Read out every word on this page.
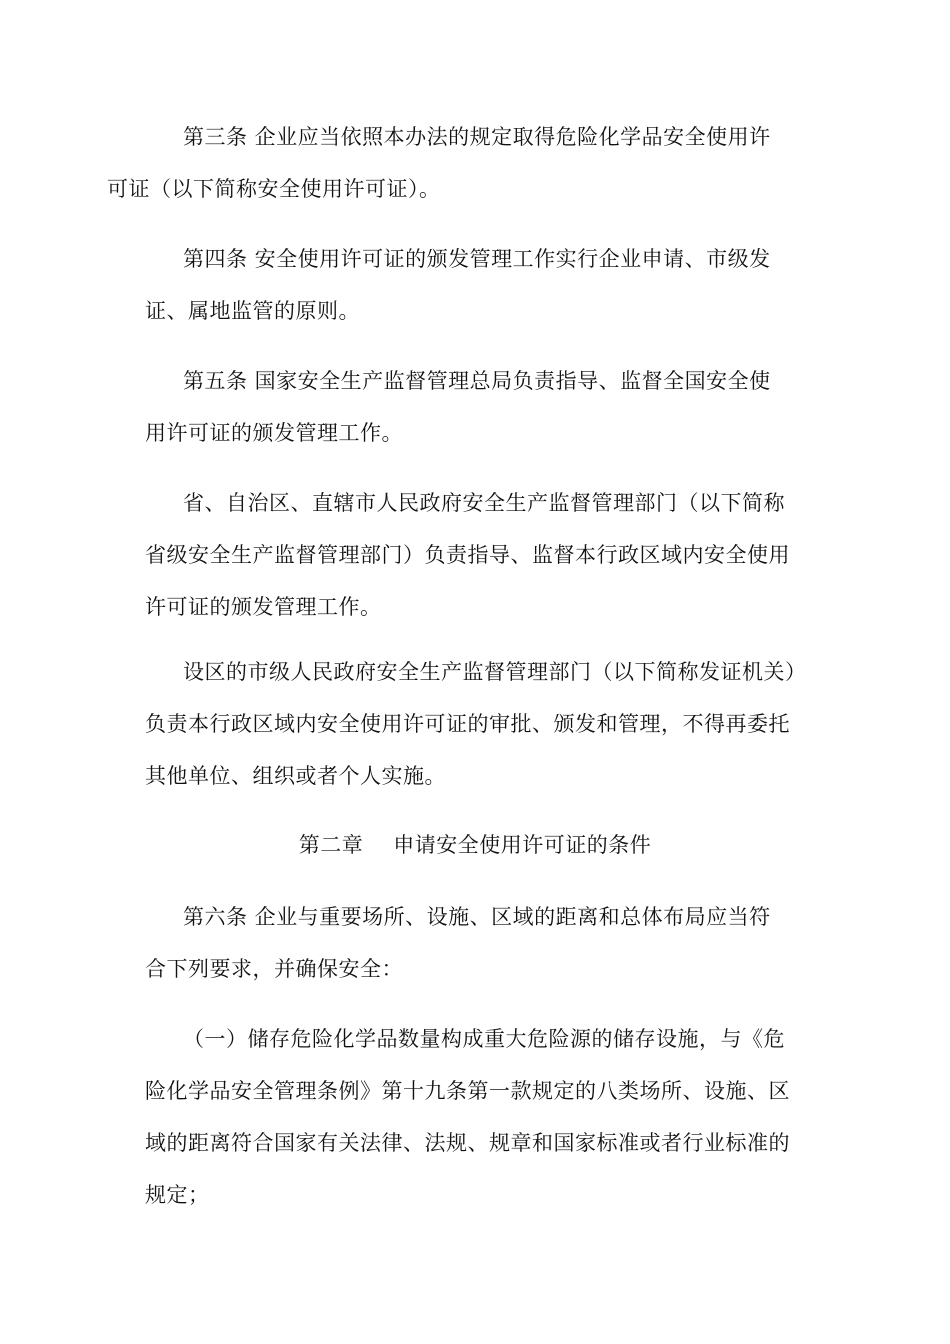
第三条 企业应当依照本办法的规定取得危险化学品安全使用许
可证（以下简称安全使用许可证）。

第四条 安全使用许可证的颁发管理工作实行企业申请、市级发
证、属地监管的原则。

第五条 国家安全生产监督管理总局负责指导、监督全国安全使
用许可证的颁发管理工作。

省、自治区、直辖市人民政府安全生产监督管理部门（以下简称
省级安全生产监督管理部门）负责指导、监督本行政区域内安全使用
许可证的颁发管理工作。

设区的市级人民政府安全生产监督管理部门（以下简称发证机关）
负责本行政区域内安全使用许可证的审批、颁发和管理，不得再委托
其他单位、组织或者个人实施。

第二章 申请安全使用许可证的条件

第六条 企业与重要场所、设施、区域的距离和总体布局应当符
合下列要求，并确保安全：

（一）储存危险化学品数量构成重大危险源的储存设施，与《危
险化学品安全管理条例》第十九条第一款规定的八类场所、设施、区
域的距离符合国家有关法律、法规、规章和国家标准或者行业标准的
规定；
